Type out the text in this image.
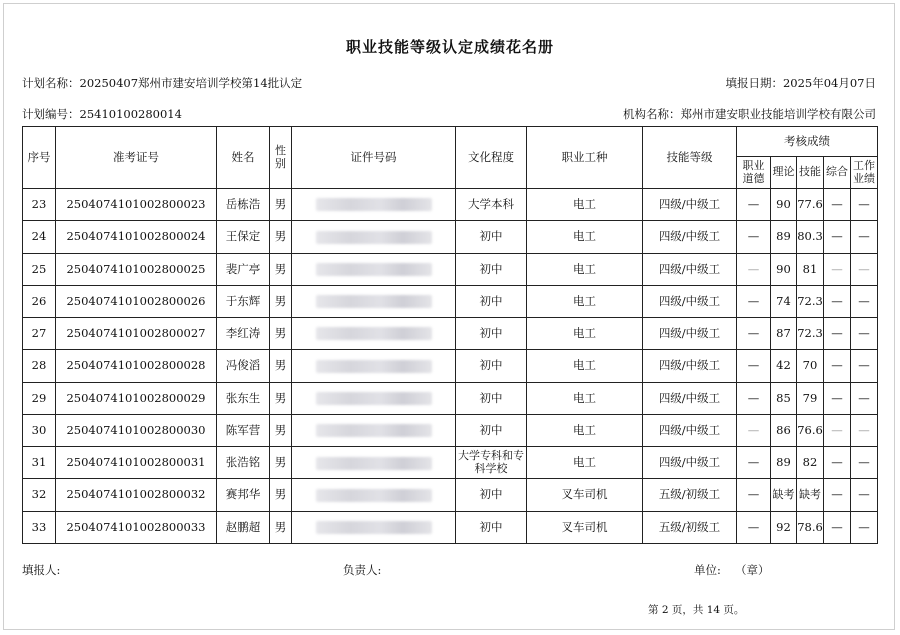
职业技能等级认定成绩花名册
计划名称：20250407郑州市建安培训学校第14批认定	填报日期：2025年04月07日
计划编号：25410100280014	机构名称：郑州市建安职业技能培训学校有限公司
序号	准考证号	姓名	性别	证件号码	文化程度	职业工种	技能等级	考核成绩				
								职业道德	理论	技能	综合	工作业绩
23	2504074101002800023	岳栋浩	男		大学本科	电工	四级/中级工	—	90	77.6	—	—
24	2504074101002800024	王保定	男		初中	电工	四级/中级工	—	89	80.3	—	—
25	2504074101002800025	裴广亭	男		初中	电工	四级/中级工	—	90	81	—	—
26	2504074101002800026	于东辉	男		初中	电工	四级/中级工	—	74	72.3	—	—
27	2504074101002800027	李红涛	男		初中	电工	四级/中级工	—	87	72.3	—	—
28	2504074101002800028	冯俊滔	男		初中	电工	四级/中级工	—	42	70	—	—
29	2504074101002800029	张东生	男		初中	电工	四级/中级工	—	85	79	—	—
30	2504074101002800030	陈军营	男		初中	电工	四级/中级工	—	86	76.6	—	—
31	2504074101002800031	张浩铭	男		大学专科和专科学校	电工	四级/中级工	—	89	82	—	—
32	2504074101002800032	赛邦华	男		初中	叉车司机	五级/初级工	—	缺考	缺考	—	—
33	2504074101002800033	赵鹏超	男		初中	叉车司机	五级/初级工	—	92	78.6	—	—
填报人:	负责人:	单位: （章）
第 2 页，共 14 页。
